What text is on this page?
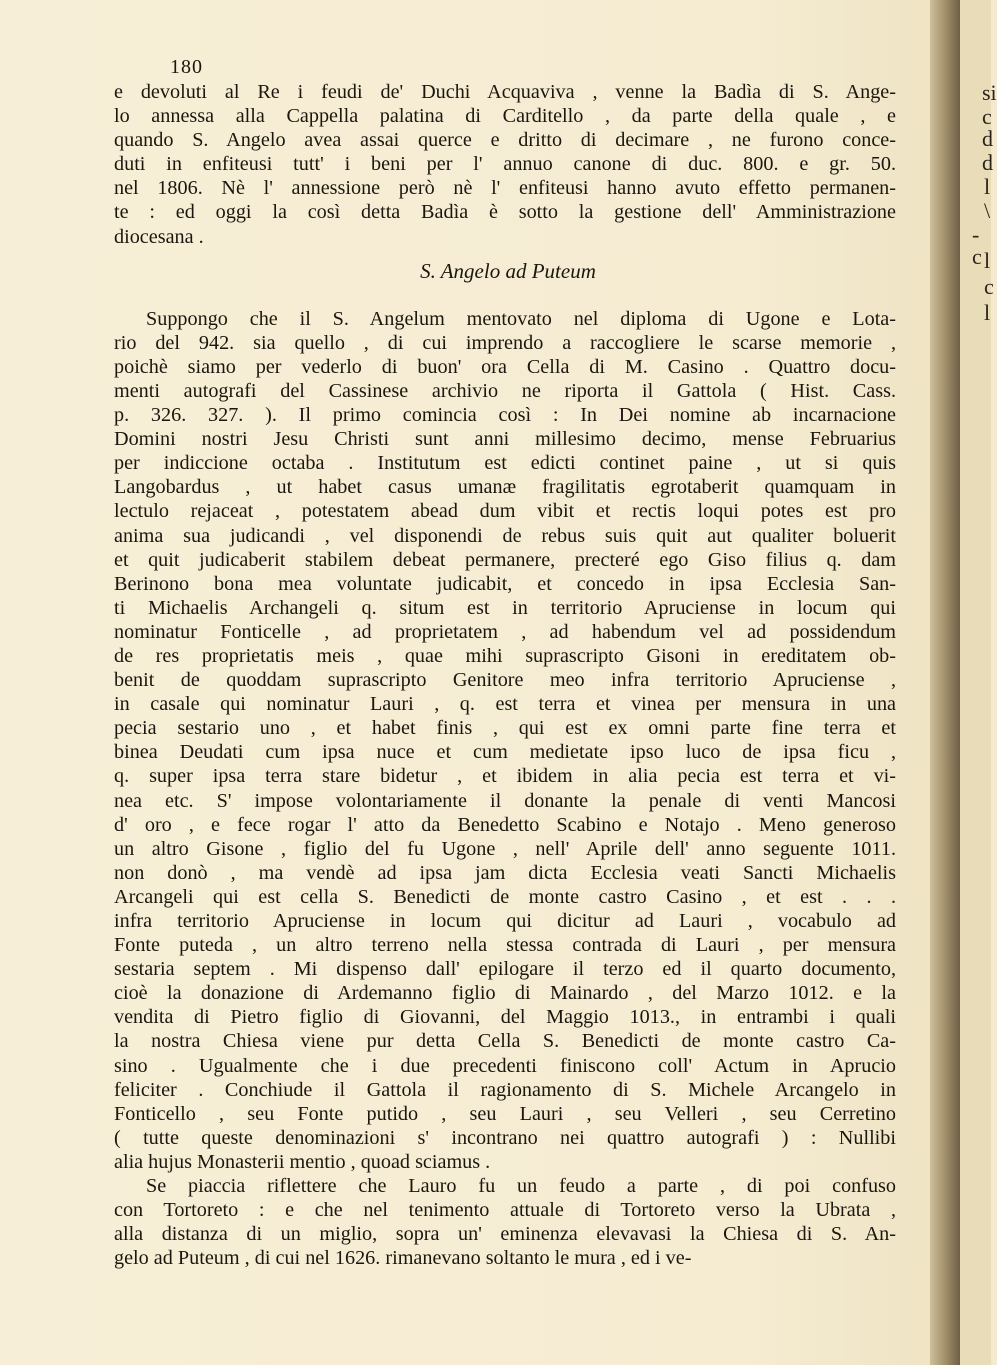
si
c
d
d
l
\
- c l
c
l
180
e devoluti al Re i feudi de' Duchi Acquaviva , venne la Badìa di S. Ange-
lo annessa alla Cappella palatina di Carditello , da parte della quale , e
quando S. Angelo avea assai querce e dritto di decimare , ne furono conce-
duti in enfiteusi tutt' i beni per l' annuo canone di duc. 800. e gr. 50.
nel 1806. Nè l' annessione però nè l' enfiteusi hanno avuto effetto permanen-
te : ed oggi la così detta Badìa è sotto la gestione dell' Amministrazione
diocesana .
S. Angelo ad Puteum
Suppongo che il S. Angelum mentovato nel diploma di Ugone e Lota-
rio del 942. sia quello , di cui imprendo a raccogliere le scarse memorie ,
poichè siamo per vederlo di buon' ora Cella di M. Casino . Quattro docu-
menti autografi del Cassinese archivio ne riporta il Gattola ( Hist. Cass.
p. 326. 327. ). Il primo comincia così : In Dei nomine ab incarnacione
Domini nostri Jesu Christi sunt anni millesimo decimo, mense Februarius
per indiccione octaba . Institutum est edicti continet paine , ut si quis
Langobardus , ut habet casus umanæ fragilitatis egrotaberit quamquam in
lectulo rejaceat , potestatem abead dum vibit et rectis loqui potes est pro
anima sua judicandi , vel disponendi de rebus suis quit aut qualiter boluerit
et quit judicaberit stabilem debeat permanere, precteré ego Giso filius q. dam
Berinono bona mea voluntate judicabit, et concedo in ipsa Ecclesia San-
ti Michaelis Archangeli q. situm est in territorio Apruciense in locum qui
nominatur Fonticelle , ad proprietatem , ad habendum vel ad possidendum
de res proprietatis meis , quae mihi suprascripto Gisoni in ereditatem ob-
benit de quoddam suprascripto Genitore meo infra territorio Apruciense ,
in casale qui nominatur Lauri , q. est terra et vinea per mensura in una
pecia sestario uno , et habet finis , qui est ex omni parte fine terra et
binea Deudati cum ipsa nuce et cum medietate ipso luco de ipsa ficu ,
q. super ipsa terra stare bidetur , et ibidem in alia pecia est terra et vi-
nea etc. S' impose volontariamente il donante la penale di venti Mancosi
d' oro , e fece rogar l' atto da Benedetto Scabino e Notajo . Meno generoso
un altro Gisone , figlio del fu Ugone , nell' Aprile dell' anno seguente 1011.
non donò , ma vendè ad ipsa jam dicta Ecclesia veati Sancti Michaelis
Arcangeli qui est cella S. Benedicti de monte castro Casino , et est . . .
infra territorio Apruciense in locum qui dicitur ad Lauri , vocabulo ad
Fonte puteda , un altro terreno nella stessa contrada di Lauri , per mensura
sestaria septem . Mi dispenso dall' epilogare il terzo ed il quarto documento,
cioè la donazione di Ardemanno figlio di Mainardo , del Marzo 1012. e la
vendita di Pietro figlio di Giovanni, del Maggio 1013., in entrambi i quali
la nostra Chiesa viene pur detta Cella S. Benedicti de monte castro Ca-
sino . Ugualmente che i due precedenti finiscono coll' Actum in Aprucio
feliciter . Conchiude il Gattola il ragionamento di S. Michele Arcangelo in
Fonticello , seu Fonte putido , seu Lauri , seu Velleri , seu Cerretino
( tutte queste denominazioni s' incontrano nei quattro autografi ) : Nullibi
alia hujus Monasterii mentio , quoad sciamus .
Se piaccia riflettere che Lauro fu un feudo a parte , di poi confuso
con Tortoreto : e che nel tenimento attuale di Tortoreto verso la Ubrata ,
alla distanza di un miglio, sopra un' eminenza elevavasi la Chiesa di S. An-
gelo ad Puteum , di cui nel 1626. rimanevano soltanto le mura , ed i ve-
